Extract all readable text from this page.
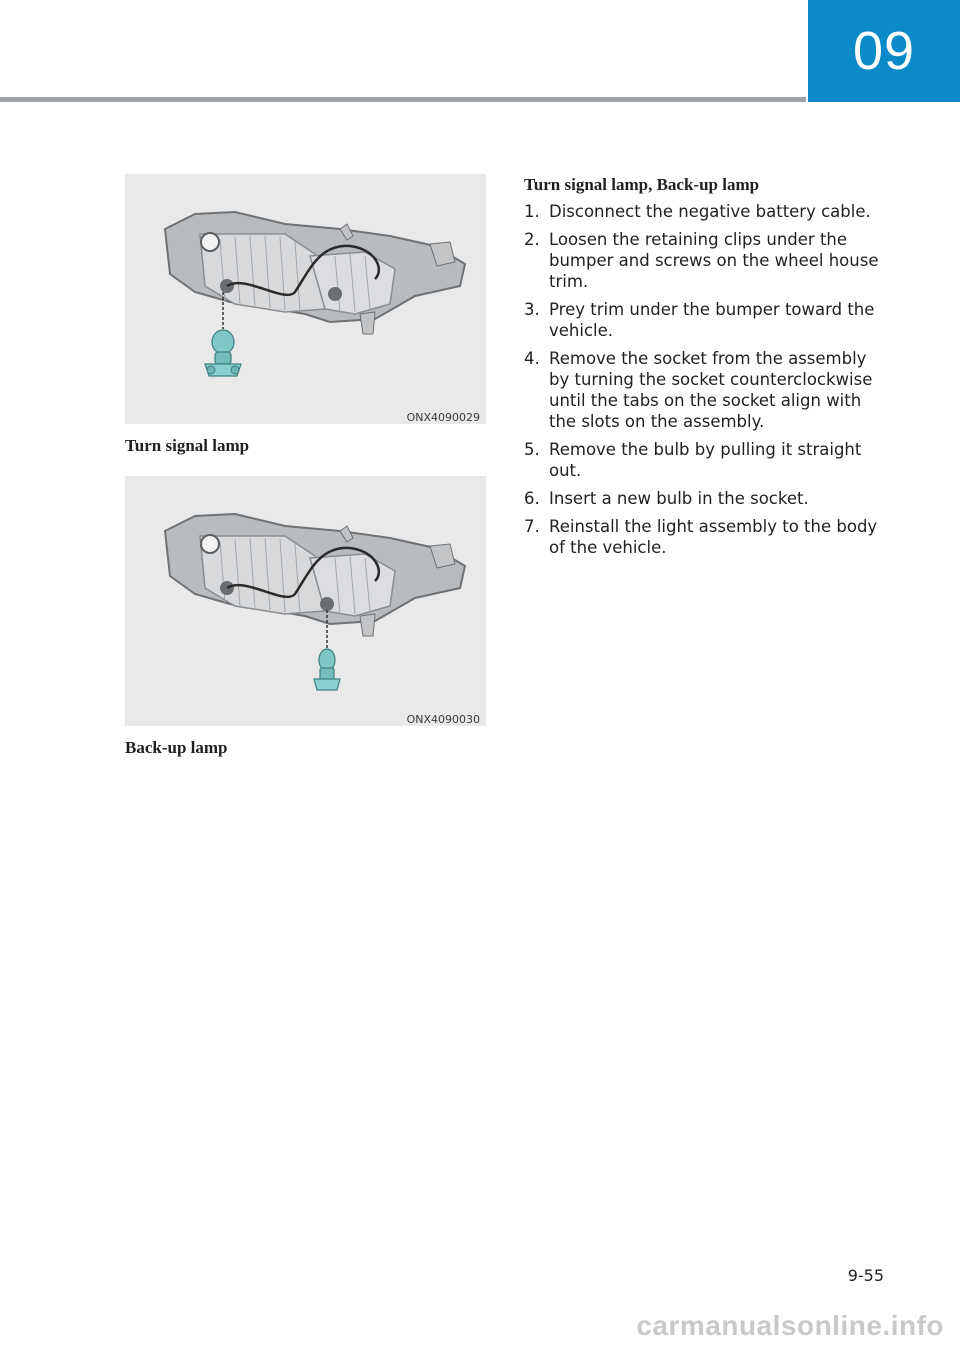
09
ONX4090029
Turn signal lamp
ONX4090030
Back-up lamp
Turn signal lamp, Back-up lamp
1. Disconnect the negative battery cable.
2. Loosen the retaining clips under the bumper and screws on the wheel house trim.
3. Prey trim under the bumper toward the vehicle.
4. Remove the socket from the assembly by turning the socket counterclockwise until the tabs on the socket align with the slots on the assembly.
5. Remove the bulb by pulling it straight out.
6. Insert a new bulb in the socket.
7. Reinstall the light assembly to the body of the vehicle.
9-55
carmanualsonline.info
